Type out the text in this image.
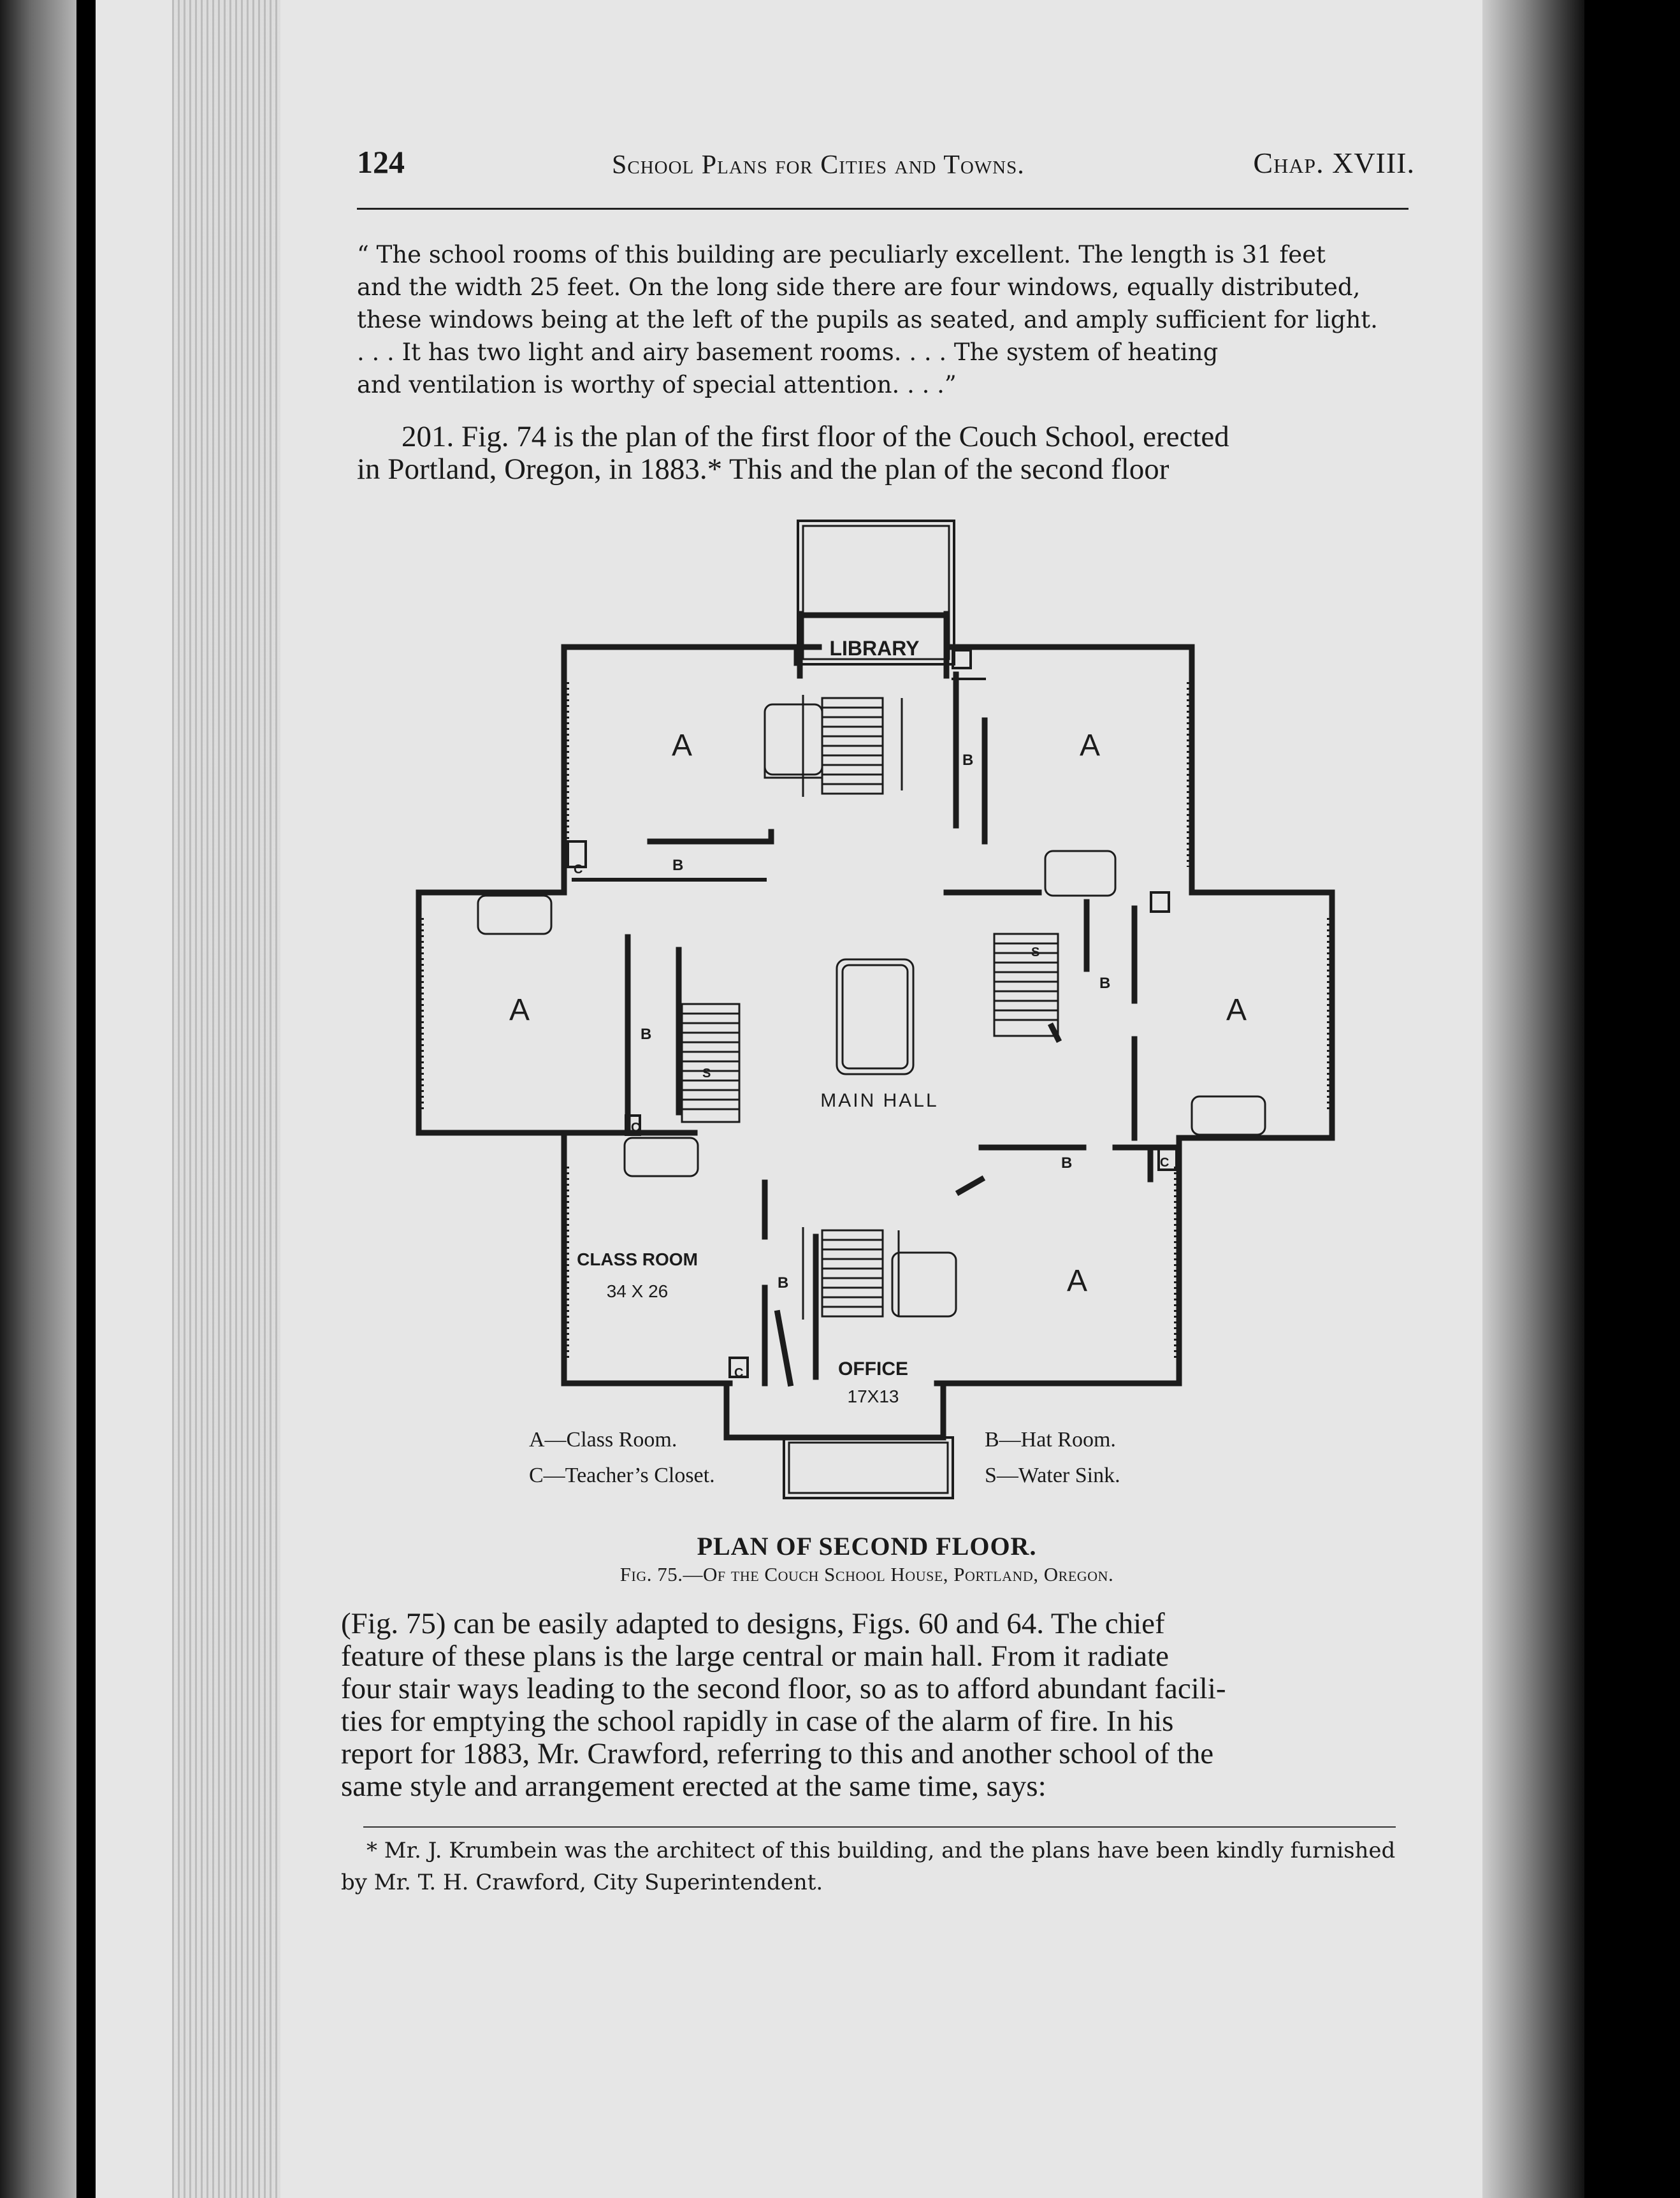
124	School Plans for Cities and Towns.	Chap. XVIII.
“ The school rooms of this building are peculiarly excellent. The length is 31 feet
and the width 25 feet. On the long side there are four windows, equally distributed,
these windows being at the left of the pupils as seated, and amply sufficient for light.
. . . It has two light and airy basement rooms. . . . The system of heating
and ventilation is worthy of special attention. . . .”
201. Fig. 74 is the plan of the first floor of the Couch School, erected
in Portland, Oregon, in 1883.* This and the plan of the second floor
LIBRARY
A	A
A	A
A
MAIN HALL
CLASS ROOM
34 X 26
OFFICE
17X13
B
B
B
B
B
B
C
C
C
C
S
S
A—Class Room.
C—Teacher’s Closet.
B—Hat Room.
S—Water Sink.
PLAN OF SECOND FLOOR.
Fig. 75.—Of the Couch School House, Portland, Oregon.
(Fig. 75) can be easily adapted to designs, Figs. 60 and 64. The chief
feature of these plans is the large central or main hall. From it radiate
four stair ways leading to the second floor, so as to afford abundant facili-
ties for emptying the school rapidly in case of the alarm of fire. In his
report for 1883, Mr. Crawford, referring to this and another school of the
same style and arrangement erected at the same time, says:
* Mr. J. Krumbein was the architect of this building, and the plans have been kindly furnished
by Mr. T. H. Crawford, City Superintendent.
